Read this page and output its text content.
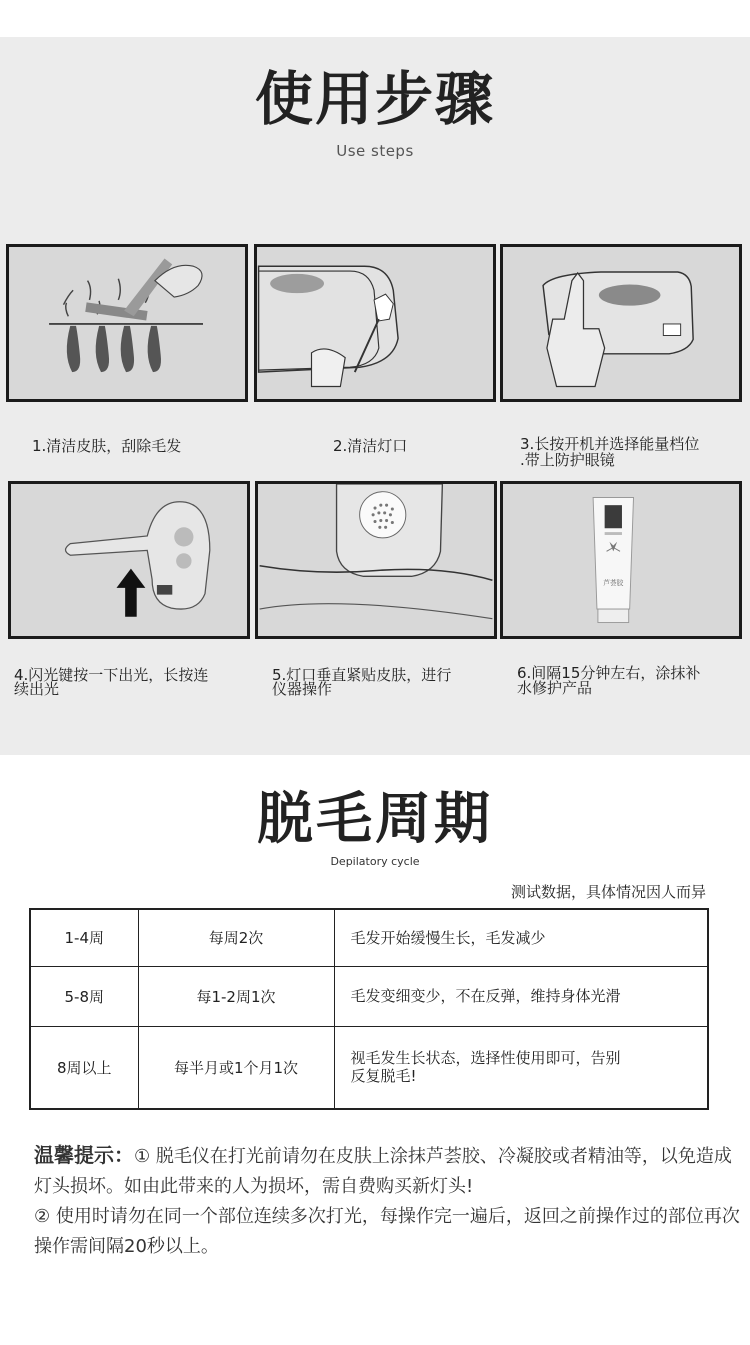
使用步骤
Use steps
1.清洁皮肤，刮除毛发	2.清洁灯口	3.长按开机并选择能量档位
.带上防护眼镜
4.闪光键按一下出光，长按连
续出光
5.灯口垂直紧贴皮肤，进行
仪器操作
芦荟胶
6.间隔15分钟左右，涂抹补
水修护产品
脱毛周期
Depilatory cycle
测试数据，具体情况因人而异
1-4周	每周2次	毛发开始缓慢生长，毛发减少
5-8周	每1-2周1次	毛发变细变少，不在反弹，维持身体光滑
8周以上	每半月或1个月1次	视毛发生长状态，选择性使用即可，告别
反复脱毛!
温馨提示：① 脱毛仪在打光前请勿在皮肤上涂抹芦荟胶、冷凝胶或者精油等，以免造成灯头损坏。如由此带来的人为损坏，需自费购买新灯头!
② 使用时请勿在同一个部位连续多次打光，每操作完一遍后，返回之前操作过的部位再次操作需间隔20秒以上。
